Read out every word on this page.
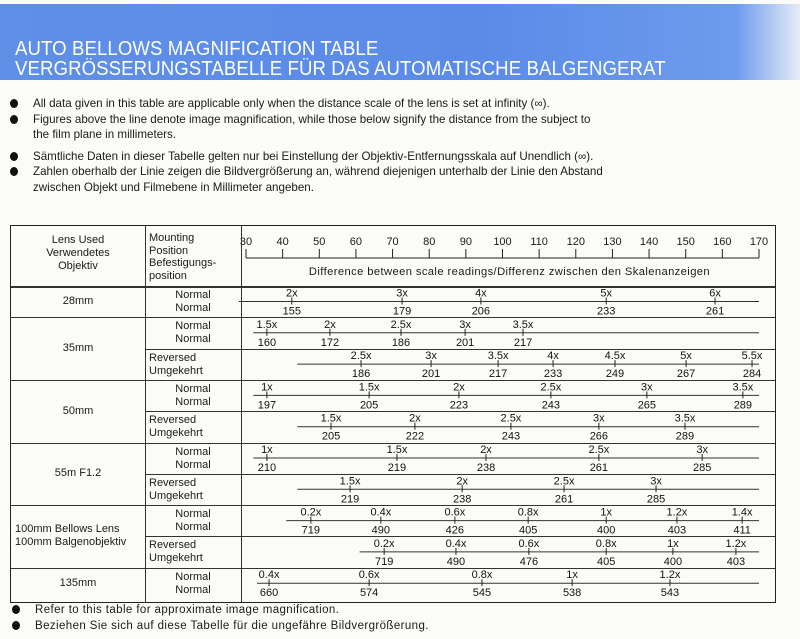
AUTO BELLOWS MAGNIFICATION TABLE
VERGRÖSSERUNGSTABELLE FÜR DAS AUTOMATISCHE BALGENGERAT
All data given in this table are applicable only when the distance scale of the lens is set at infinity (∞).
Figures above the line denote image magnification, while those below signify the distance from the subject to
the film plane in millimeters.
Sämtliche Daten in dieser Tabelle gelten nur bei Einstellung der Objektiv-Entfernungsskala auf Unendlich (∞).
Zahlen oberhalb der Linie zeigen die Bildvergrößerung an, während diejenigen unterhalb der Linie den Abstand
zwischen Objekt und Filmebene in Millimeter angeben.
Lens Used
Verwendetes
Objektiv
Mounting
Position
Befestigungs-
position
30 40 50 60 70 80 90 100 110 120 130 140 150 160 170
Difference between scale readings/Differenz zwischen den Skalenanzeigen
2x
155
3x
179
4x
206
5x
233
6x
261
1.5x
160
2x
172
2.5x
186
3x
201
3.5x
217
2.5x
186
3x
201
3.5x
217
4x
233
4.5x
249
5x
267
5.5x
284
1x
197
1.5x
205
2x
223
2.5x
243
3x
265
3.5x
289
1.5x
205
2x
222
2.5x
243
3x
266
3.5x
289
1x
210
1.5x
219
2x
238
2.5x
261
3x
285
1.5x
219
2x
238
2.5x
261
3x
285
0.2x
719
0.4x
490
0.6x
426
0.8x
405
1x
400
1.2x
403
1.4x
411
0.2x
719
0.4x
490
0.6x
476
0.8x
405
1x
400
1.2x
403
0.4x
660
0.6x
574
0.8x
545
1x
538
1.2x
543
28mm
Normal
Normal
35mm
Normal
Normal
Reversed
Umgekehrt
50mm
Normal
Normal
Reversed
Umgekehrt
55m F1.2
Normal
Normal
Reversed
Umgekehrt
100mm Bellows Lens
100mm Balgenobjektiv
Normal
Normal
Reversed
Umgekehrt
135mm
Normal
Normal
Refer to this table for approximate image magnification.
Beziehen Sie sich auf diese Tabelle für die ungefähre Bildvergrößerung.
